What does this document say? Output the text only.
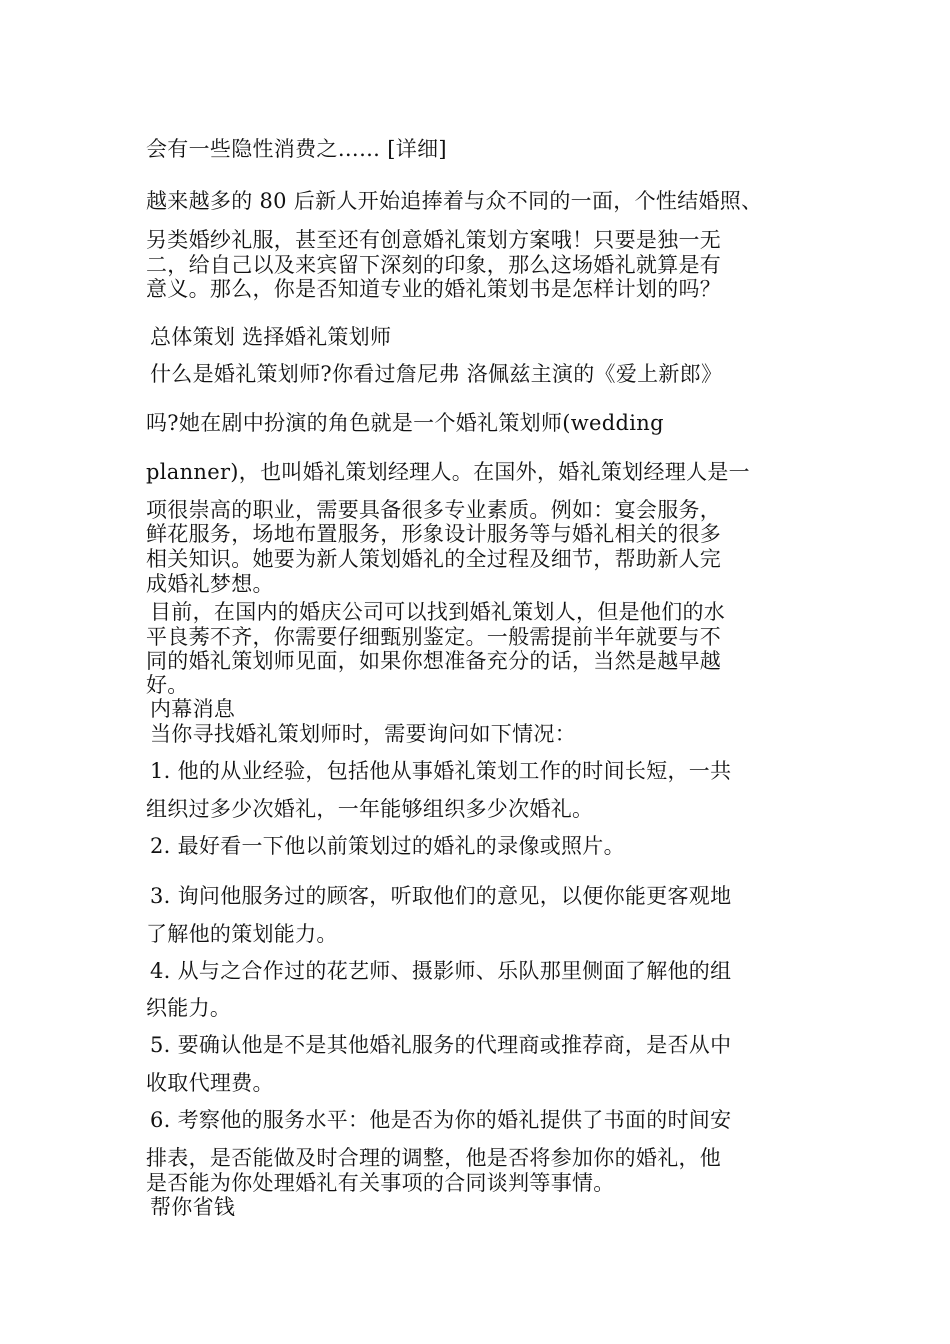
会有一些隐性消费之…… [详细]
越来越多的 80 后新人开始追捧着与众不同的一面，个性结婚照、
另类婚纱礼服，甚至还有创意婚礼策划方案哦！只要是独一无
二，给自己以及来宾留下深刻的印象，那么这场婚礼就算是有
意义。那么，你是否知道专业的婚礼策划书是怎样计划的吗？
总体策划 选择婚礼策划师
什么是婚礼策划师?你看过詹尼弗 洛佩兹主演的《爱上新郎》
吗?她在剧中扮演的角色就是一个婚礼策划师(wedding
planner)，也叫婚礼策划经理人。在国外，婚礼策划经理人是一
项很崇高的职业，需要具备很多专业素质。例如：宴会服务，
鲜花服务，场地布置服务，形象设计服务等与婚礼相关的很多
相关知识。她要为新人策划婚礼的全过程及细节，帮助新人完
成婚礼梦想。
目前，在国内的婚庆公司可以找到婚礼策划人，但是他们的水
平良莠不齐，你需要仔细甄别鉴定。一般需提前半年就要与不
同的婚礼策划师见面，如果你想准备充分的话，当然是越早越
好。
内幕消息
当你寻找婚礼策划师时，需要询问如下情况：
1. 他的从业经验，包括他从事婚礼策划工作的时间长短，一共
组织过多少次婚礼，一年能够组织多少次婚礼。
2. 最好看一下他以前策划过的婚礼的录像或照片。
3. 询问他服务过的顾客，听取他们的意见，以便你能更客观地
了解他的策划能力。
4. 从与之合作过的花艺师、摄影师、乐队那里侧面了解他的组
织能力。
5. 要确认他是不是其他婚礼服务的代理商或推荐商，是否从中
收取代理费。
6. 考察他的服务水平：他是否为你的婚礼提供了书面的时间安
排表，是否能做及时合理的调整，他是否将参加你的婚礼，他
是否能为你处理婚礼有关事项的合同谈判等事情。
帮你省钱
